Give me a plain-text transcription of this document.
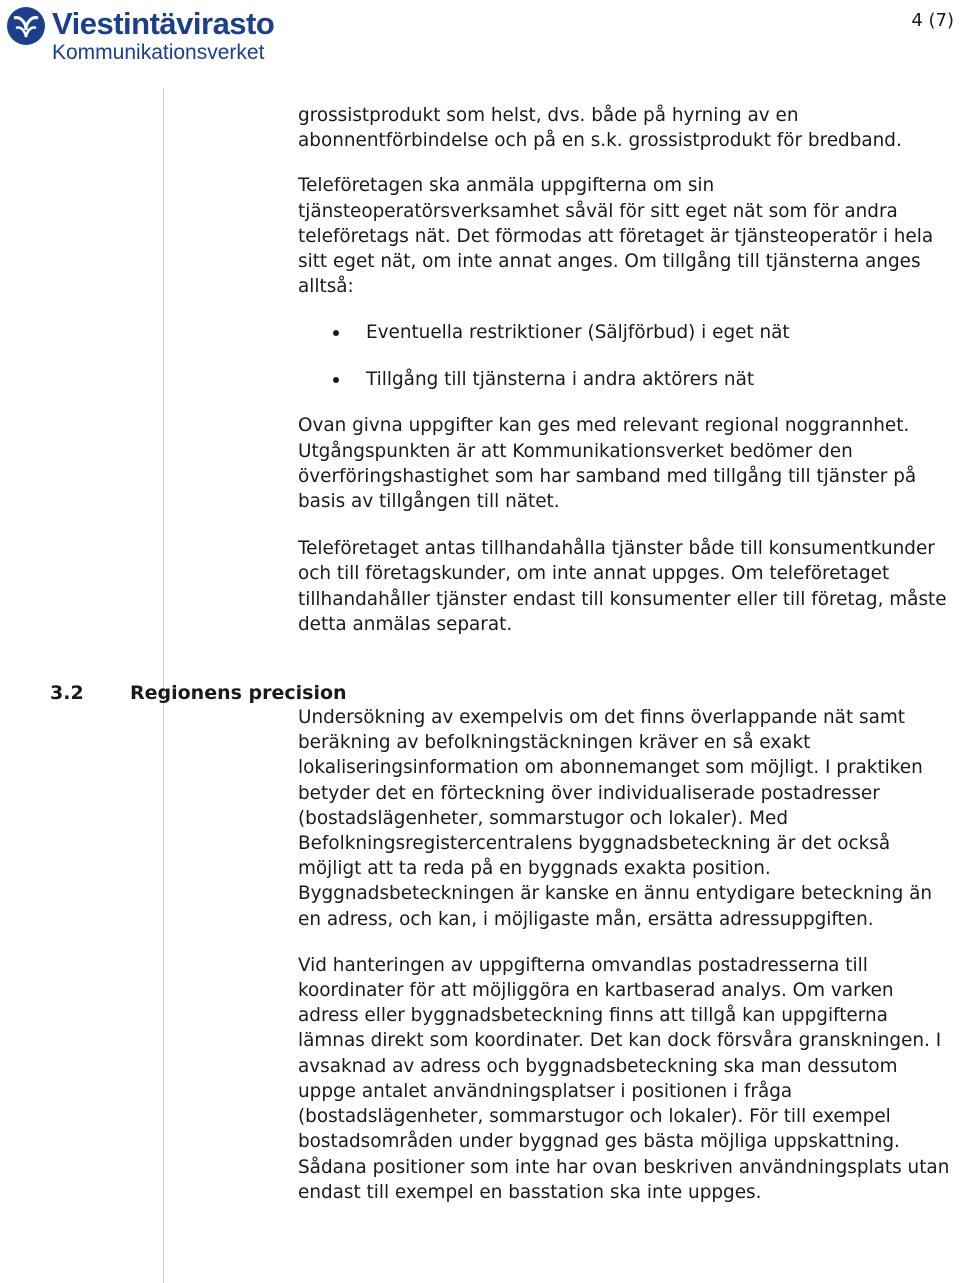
Viestintävirasto
Kommunikationsverket
4 (7)
3.2 Regionens precision

grossistprodukt som helst, dvs. både på hyrning av en abonnentförbindelse och på en s.k. grossistprodukt för bredband.

Teleföretagen ska anmäla uppgifterna om sin tjänsteoperatörsverksamhet såväl för sitt eget nät som för andra teleföretags nät. Det förmodas att företaget är tjänsteoperatör i hela sitt eget nät, om inte annat anges. Om tillgång till tjänsterna anges alltså:

Eventuella restriktioner (Säljförbud) i eget nät
Tillgång till tjänsterna i andra aktörers nät

Ovan givna uppgifter kan ges med relevant regional noggrannhet. Utgångspunkten är att Kommunikationsverket bedömer den överföringshastighet som har samband med tillgång till tjänster på basis av tillgången till nätet.

Teleföretaget antas tillhandahålla tjänster både till konsumentkunder och till företagskunder, om inte annat uppges. Om teleföretaget tillhandahåller tjänster endast till konsumenter eller till företag, måste detta anmälas separat.

Undersökning av exempelvis om det finns överlappande nät samt beräkning av befolkningstäckningen kräver en så exakt lokaliseringsinformation om abonnemanget som möjligt. I praktiken betyder det en förteckning över individualiserade postadresser (bostadslägenheter, sommarstugor och lokaler). Med Befolkningsregistercentralens byggnadsbeteckning är det också möjligt att ta reda på en byggnads exakta position. Byggnadsbeteckningen är kanske en ännu entydigare beteckning än en adress, och kan, i möjligaste mån, ersätta adressuppgiften.

Vid hanteringen av uppgifterna omvandlas postadresserna till koordinater för att möjliggöra en kartbaserad analys. Om varken adress eller byggnadsbeteckning finns att tillgå kan uppgifterna lämnas direkt som koordinater. Det kan dock försvåra granskningen. I avsaknad av adress och byggnadsbeteckning ska man dessutom uppge antalet användningsplatser i positionen i fråga (bostadslägenheter, sommarstugor och lokaler). För till exempel bostadsområden under byggnad ges bästa möjliga uppskattning. Sådana positioner som inte har ovan beskriven användningsplats utan endast till exempel en basstation ska inte uppges.
